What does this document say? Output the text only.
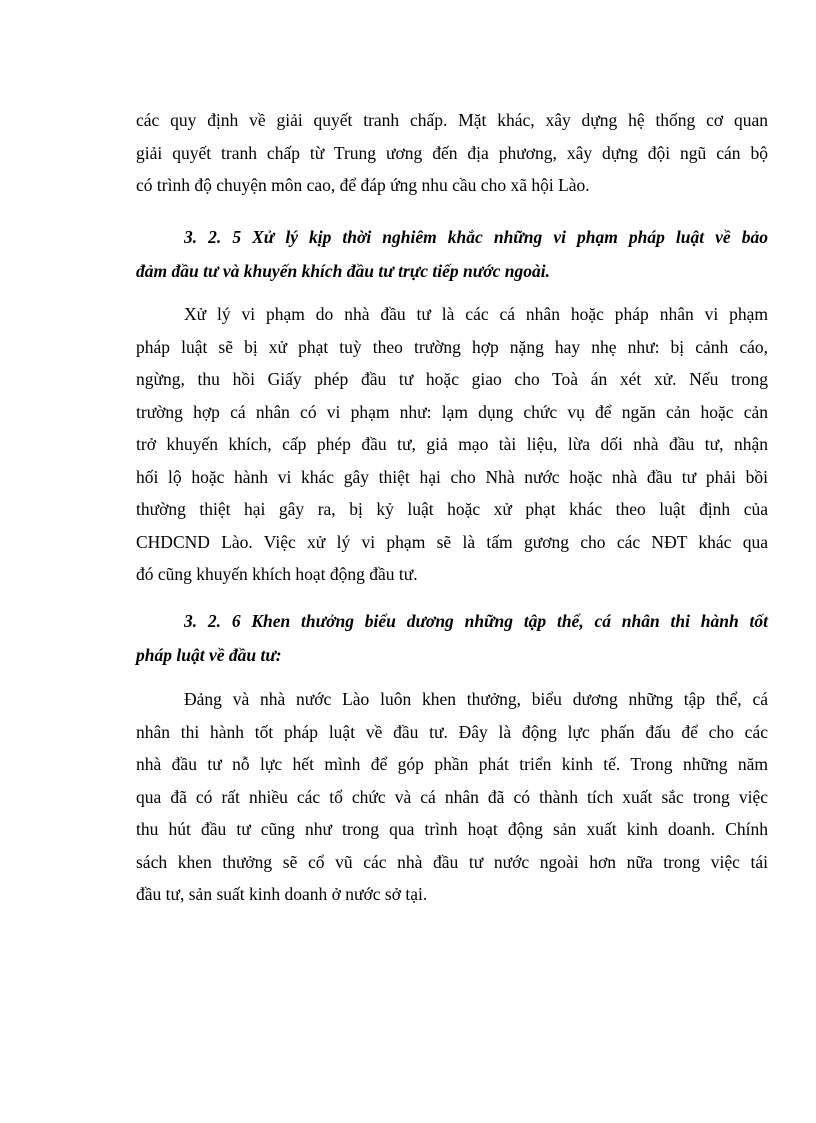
các quy định về giải quyết tranh chấp. Mặt khác, xây dựng hệ thống cơ quan
giải quyết tranh chấp từ Trung ương đến địa phương, xây dựng đội ngũ cán bộ
có trình độ chuyện môn cao, để đáp ứng nhu cầu cho xã hội Lào.

3. 2. 5 Xử lý kịp thời nghiêm khắc những vi phạm pháp luật về bảo
đảm đầu tư và khuyến khích đầu tư trực tiếp nước ngoài.

Xử lý vi phạm do nhà đầu tư là các cá nhân hoặc pháp nhân vi phạm
pháp luật sẽ bị xử phạt tuỳ theo trường hợp nặng hay nhẹ như: bị cảnh cáo,
ngừng, thu hồi Giấy phép đầu tư hoặc giao cho Toà án xét xử. Nếu trong
trường hợp cá nhân có vi phạm như: lạm dụng chức vụ để ngăn cản hoặc cản
trở khuyến khích, cấp phép đầu tư, giả mạo tài liệu, lừa dối nhà đầu tư, nhận
hối lộ hoặc hành vi khác gây thiệt hại cho Nhà nước hoặc nhà đầu tư phải bồi
thường thiệt hại gây ra, bị kỷ luật hoặc xử phạt khác theo luật định của
CHDCND Lào. Việc xử lý vi phạm sẽ là tấm gương cho các NĐT khác qua
đó cũng khuyến khích hoạt động đầu tư.

3. 2. 6 Khen thưởng biểu dương những tập thể, cá nhân thi hành tốt
pháp luật về đầu tư:

Đảng và nhà nước Lào luôn khen thưởng, biểu dương những tập thể, cá
nhân thi hành tốt pháp luật về đầu tư. Đây là động lực phấn đấu để cho các
nhà đầu tư nỗ lực hết mình để góp phần phát triển kinh tế. Trong những năm
qua đã có rất nhiều các tổ chức và cá nhân đã có thành tích xuất sắc trong việc
thu hút đầu tư cũng như trong qua trình hoạt động sản xuất kinh doanh. Chính
sách khen thưởng sẽ cổ vũ các nhà đầu tư nước ngoài hơn nữa trong việc tái
đầu tư, sản suất kinh doanh ở nước sở tại.
